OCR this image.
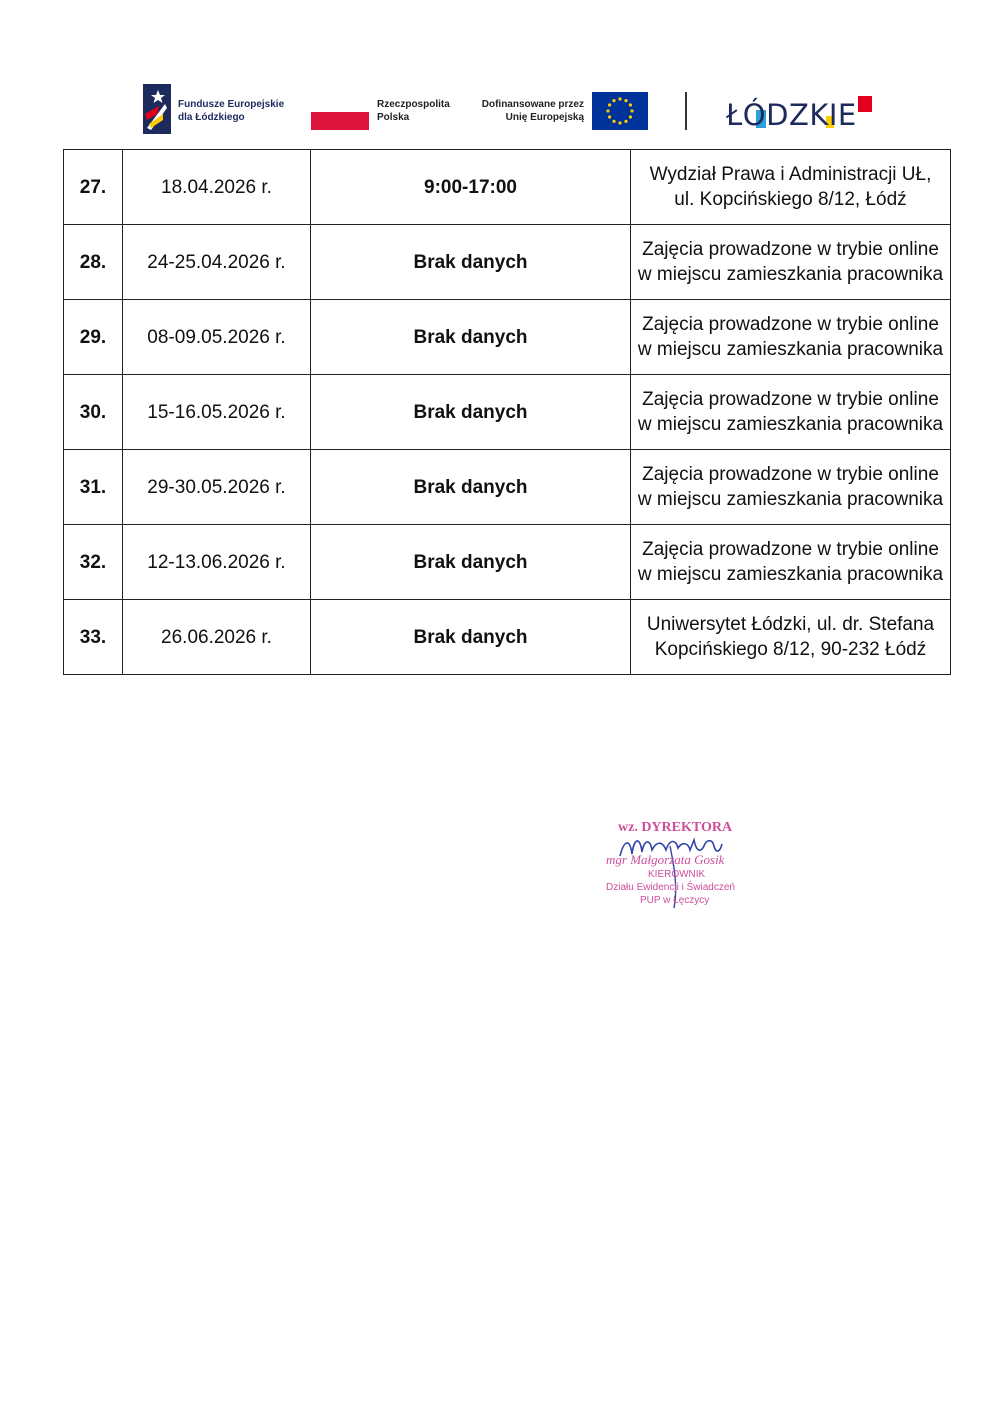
Fundusze Europejskie
dla Łódzkiego
Rzeczpospolita
Polska
Dofinansowane przez
Unię Europejską	ŁÓDZKIE
27.	18.04.2026 r.	9:00-17:00	Wydział Prawa i Administracji UŁ, ul. Kopcińskiego 8/12, Łódź
28.	24-25.04.2026 r.	Brak danych	Zajęcia prowadzone w trybie online w miejscu zamieszkania pracownika
29.	08-09.05.2026 r.	Brak danych	Zajęcia prowadzone w trybie online w miejscu zamieszkania pracownika
30.	15-16.05.2026 r.	Brak danych	Zajęcia prowadzone w trybie online w miejscu zamieszkania pracownika
31.	29-30.05.2026 r.	Brak danych	Zajęcia prowadzone w trybie online w miejscu zamieszkania pracownika
32.	12-13.06.2026 r.	Brak danych	Zajęcia prowadzone w trybie online w miejscu zamieszkania pracownika
33.	26.06.2026 r.	Brak danych	Uniwersytet Łódzki, ul. dr. Stefana Kopcińskiego 8/12, 90-232 Łódź
wz. DYREKTORA
mgr Małgorzata Gosik
KIEROWNIK
Działu Ewidencji i Świadczeń
PUP w Łęczycy
